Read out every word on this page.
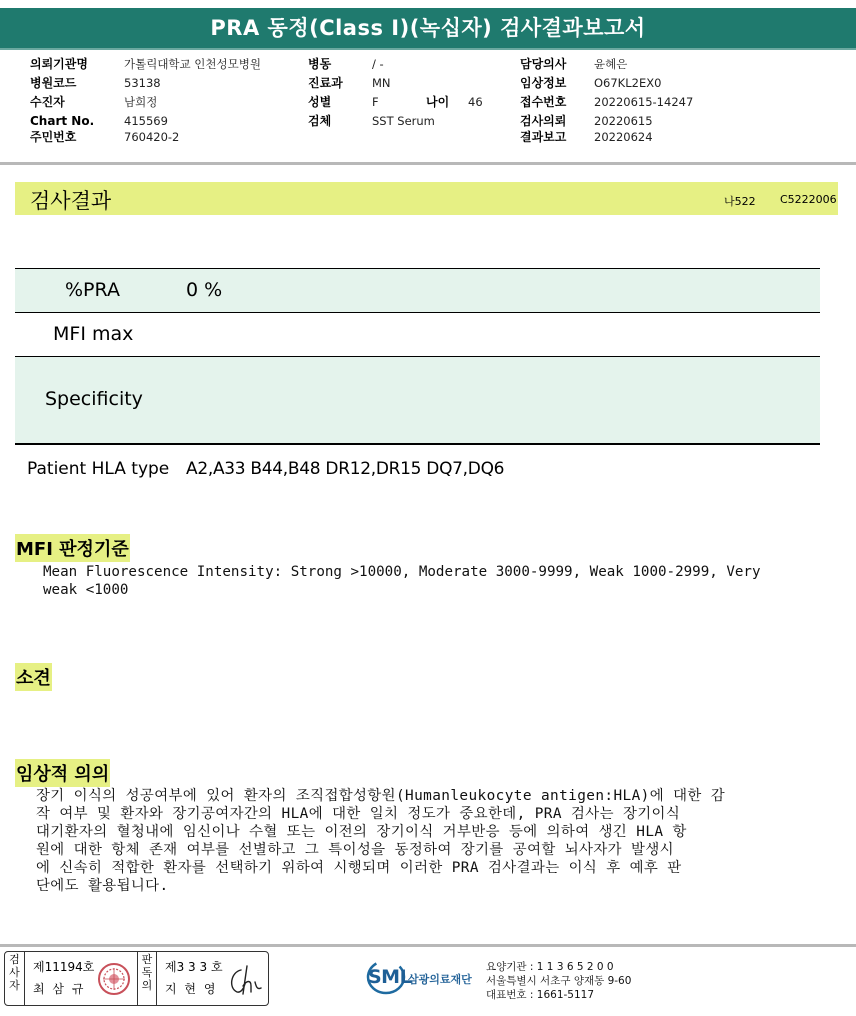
PRA 동정(Class I)(녹십자) 검사결과보고서
의뢰기관명	가톨릭대학교 인천성모병원
병원코드	53138
수진자	남희정
Chart No.	415569
주민번호	760420-2
병동	/ -
진료과	MN
성별	F	나이	46
검체	SST Serum
담당의사	윤혜은
임상정보	O67KL2EX0
접수번호	20220615-14247
검사의뢰	20220615
결과보고	20220624
검사결과	나522 C5222006
%PRA	0 %
MFI max
Specificity
Patient HLA type A2,A33 B44,B48 DR12,DR15 DQ7,DQ6
MFI 판정기준
Mean Fluorescence Intensity: Strong >10000, Moderate 3000-9999, Weak 1000-2999, Very
weak <1000
소견
임상적 의의
장기 이식의 성공여부에 있어 환자의 조직접합성항원(Humanleukocyte antigen:HLA)에 대한 감
작 여부 및 환자와 장기공여자간의 HLA에 대한 일치 정도가 중요한데, PRA 검사는 장기이식
대기환자의 혈청내에 임신이나 수혈 또는 이전의 장기이식 거부반응 등에 의하여 생긴 HLA 항
원에 대한 항체 존재 여부를 선별하고 그 특이성을 동정하여 장기를 공여할 뇌사자가 발생시
에 신속히 적합한 환자를 선택하기 위하여 시행되며 이러한 PRA 검사결과는 이식 후 예후 판
단에도 활용됩니다.
검사자
제11194호
최 삼 규
판독의
제3 3 3 호
지 현 영
SML
삼광의료재단
요양기관 : 1 1 3 6 5 2 0 0
서울특별시 서초구 양재동 9-60
대표번호 : 1661-5117
